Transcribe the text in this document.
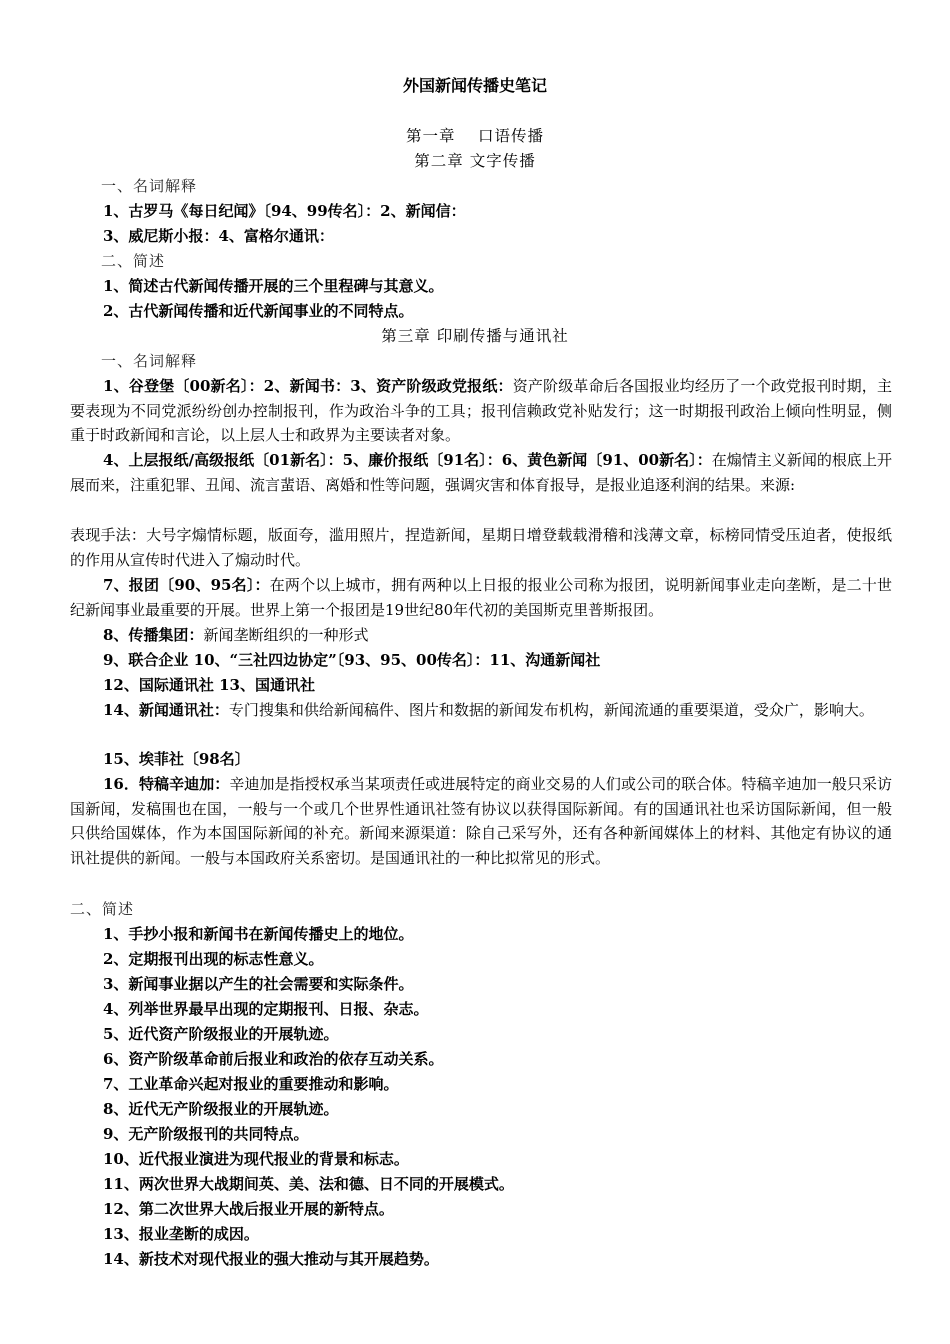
外国新闻传播史笔记
第一章　 口语传播
第二章 文字传播
一、名词解释
1、古罗马《每日纪闻》〔94、99传名〕：2、新闻信：
3、威尼斯小报：4、富格尔通讯：
二、简述
1、简述古代新闻传播开展的三个里程碑与其意义。
2、古代新闻传播和近代新闻事业的不同特点。
第三章 印刷传播与通讯社
一、名词解释
1、谷登堡〔00新名〕：2、新闻书：3、资产阶级政党报纸：资产阶级革命后各国报业均经历了一个政党报刊时期，主要表现为不同党派纷纷创办控制报刊，作为政治斗争的工具；报刊信赖政党补贴发行；这一时期报刊政治上倾向性明显，侧重于时政新闻和言论，以上层人士和政界为主要读者对象。
4、上层报纸/高级报纸〔01新名〕：5、廉价报纸〔91名〕：6、黄色新闻〔91、00新名〕：在煽情主义新闻的根底上开展而来，注重犯罪、丑闻、流言蜚语、离婚和性等问题，强调灾害和体育报导，是报业追逐利润的结果。来源:
表现手法：大号字煽情标题，版面夸，滥用照片，捏造新闻，星期日增登载载滑稽和浅薄文章，标榜同情受压迫者，使报纸的作用从宣传时代进入了煽动时代。
7、报团〔90、95名〕：在两个以上城市，拥有两种以上日报的报业公司称为报团，说明新闻事业走向垄断，是二十世纪新闻事业最重要的开展。世界上第一个报团是19世纪80年代初的美国斯克里普斯报团。
8、传播集团：新闻垄断组织的一种形式
9、联合企业 10、“三社四边协定”〔93、95、00传名〕：11、沟通新闻社
12、国际通讯社 13、国通讯社
14、新闻通讯社：专门搜集和供给新闻稿件、图片和数据的新闻发布机构，新闻流通的重要渠道，受众广，影响大。
15、埃菲社〔98名〕
16．特稿辛迪加：辛迪加是指授权承当某项责任或进展特定的商业交易的人们或公司的联合体。特稿辛迪加一般只采访国新闻，发稿围也在国，一般与一个或几个世界性通讯社签有协议以获得国际新闻。有的国通讯社也采访国际新闻，但一般只供给国媒体，作为本国国际新闻的补充。新闻来源渠道：除自己采写外，还有各种新闻媒体上的材料、其他定有协议的通讯社提供的新闻。一般与本国政府关系密切。是国通讯社的一种比拟常见的形式。
二、简述
1、手抄小报和新闻书在新闻传播史上的地位。
2、定期报刊出现的标志性意义。
3、新闻事业据以产生的社会需要和实际条件。
4、列举世界最早出现的定期报刊、日报、杂志。
5、近代资产阶级报业的开展轨迹。
6、资产阶级革命前后报业和政治的依存互动关系。
7、工业革命兴起对报业的重要推动和影响。
8、近代无产阶级报业的开展轨迹。
9、无产阶级报刊的共同特点。
10、近代报业演进为现代报业的背景和标志。
11、两次世界大战期间英、美、法和德、日不同的开展模式。
12、第二次世界大战后报业开展的新特点。
13、报业垄断的成因。
14、新技术对现代报业的强大推动与其开展趋势。
